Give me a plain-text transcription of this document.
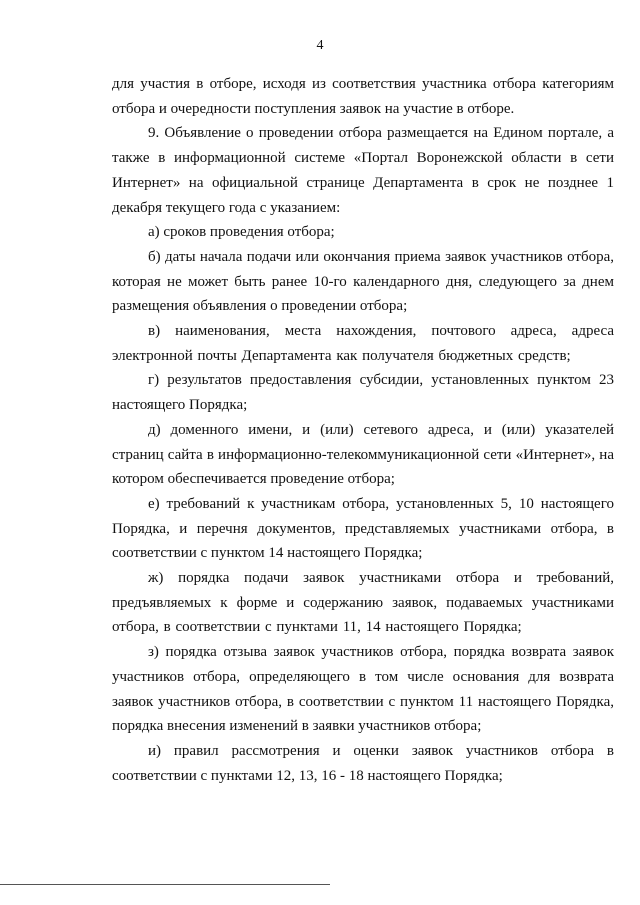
4

для участия в отборе, исходя из соответствия участника отбора категориям отбора и очередности поступления заявок на участие в отборе.

9. Объявление о проведении отбора размещается на Едином портале, а также в информационной системе «Портал Воронежской области в сети Интернет» на официальной странице Департамента в срок не позднее 1 декабря текущего года с указанием:

а) сроков проведения отбора;

б) даты начала подачи или окончания приема заявок участников отбора, которая не может быть ранее 10-го календарного дня, следующего за днем размещения объявления о проведении отбора;

в) наименования, места нахождения, почтового адреса, адреса электронной почты Департамента как получателя бюджетных средств;

г) результатов предоставления субсидии, установленных пунктом 23 настоящего Порядка;

д) доменного имени, и (или) сетевого адреса, и (или) указателей страниц сайта в информационно-телекоммуникационной сети «Интернет», на котором обеспечивается проведение отбора;

е) требований к участникам отбора, установленных 5, 10 настоящего Порядка, и перечня документов, представляемых участниками отбора, в соответствии с пунктом 14 настоящего Порядка;

ж) порядка подачи заявок участниками отбора и требований, предъявляемых к форме и содержанию заявок, подаваемых участниками отбора, в соответствии с пунктами 11, 14 настоящего Порядка;

з) порядка отзыва заявок участников отбора, порядка возврата заявок участников отбора, определяющего в том числе основания для возврата заявок участников отбора, в соответствии с пунктом 11 настоящего Порядка, порядка внесения изменений в заявки участников отбора;

и) правил рассмотрения и оценки заявок участников отбора в соответствии с пунктами 12, 13, 16 - 18 настоящего Порядка;
